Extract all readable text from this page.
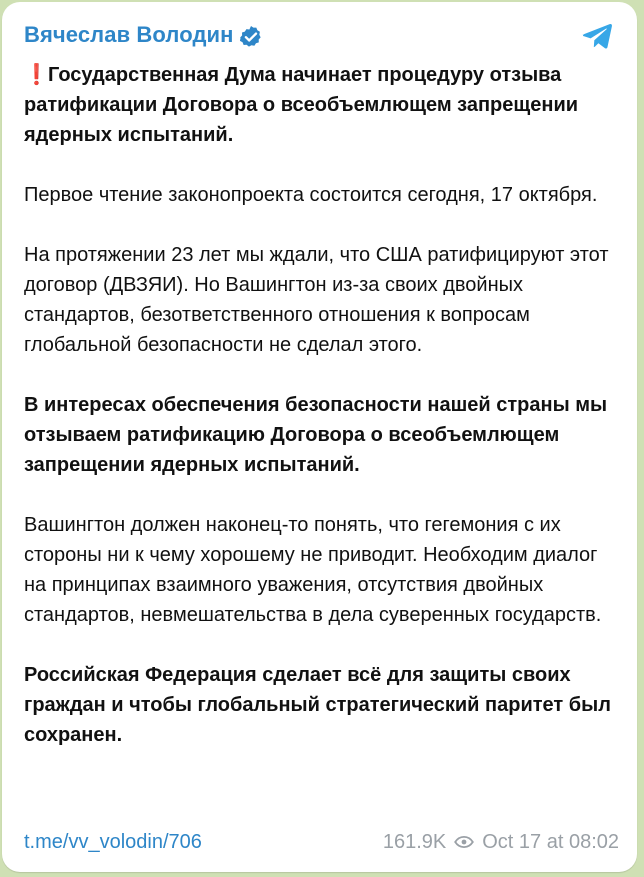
Вячеслав Володин

❗Государственная Дума начинает процедуру отзыва ратификации Договора о всеобъемлющем запрещении ядерных испытаний.

Первое чтение законопроекта состоится сегодня, 17 октября.

На протяжении 23 лет мы ждали, что США ратифицируют этот договор (ДВЗЯИ). Но Вашингтон из-за своих двойных стандартов, безответственного отношения к вопросам глобальной безопасности не сделал этого.

В интересах обеспечения безопасности нашей страны мы отзываем ратификацию Договора о всеобъемлющем запрещении ядерных испытаний.

Вашингтон должен наконец-то понять, что гегемония с их стороны ни к чему хорошему не приводит. Необходим диалог на принципах взаимного уважения, отсутствия двойных стандартов, невмешательства в дела суверенных государств.

Российская Федерация сделает всё для защиты своих граждан и чтобы глобальный стратегический паритет был сохранен.

t.me/vv_volodin/706	161.9K Oct 17 at 08:02
